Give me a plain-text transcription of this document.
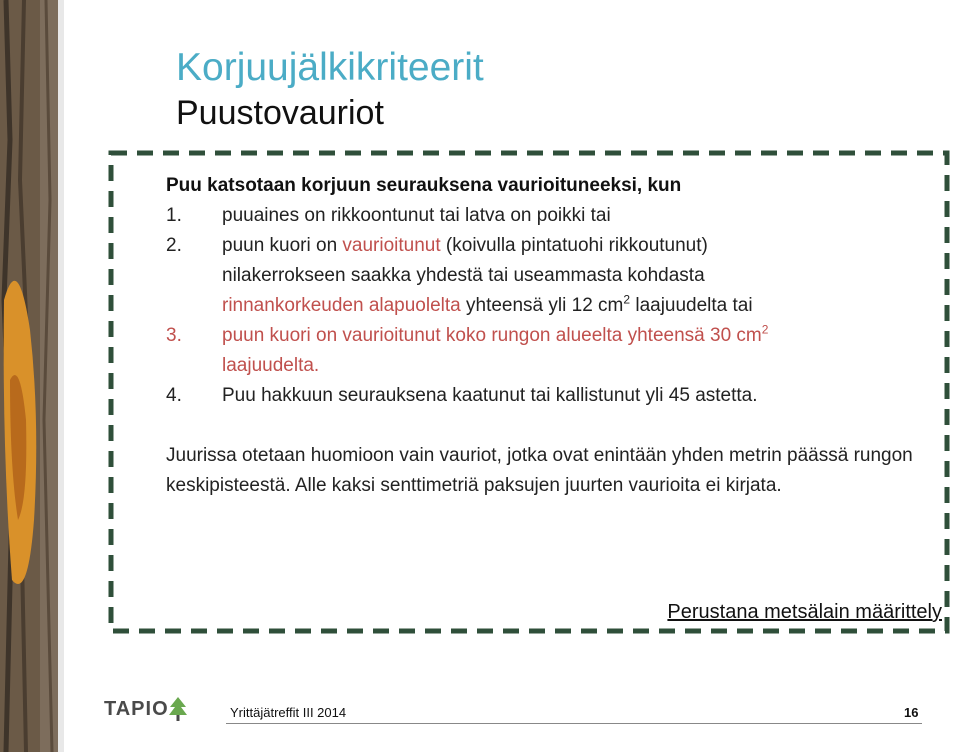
Korjuujälkikriteerit
Puustovauriot
Puu katsotaan korjuun seurauksena vaurioituneeksi, kun
1.	puuaines on rikkoontunut tai latva on poikki tai
2.	puun kuori on vaurioitunut (koivulla pintatuohi rikkoutunut)
nilakerrokseen saakka yhdestä tai useammasta kohdasta
rinnankorkeuden alapuolelta yhteensä yli 12 $cm^2$ laajuudelta tai
3.	puun kuori on vaurioitunut koko rungon alueelta yhteensä 30 $cm^2$
laajuudelta.
4.	Puu hakkuun seurauksena kaatunut tai kallistunut yli 45 astetta.
Juurissa otetaan huomioon vain vauriot, jotka ovat enintään yhden metrin päässä rungon keskipisteestä. Alle kaksi senttimetriä paksujen juurten vaurioita ei kirjata.
Perustana metsälain määrittely
TAPIO	Yrittäjätreffit III 2014	16
